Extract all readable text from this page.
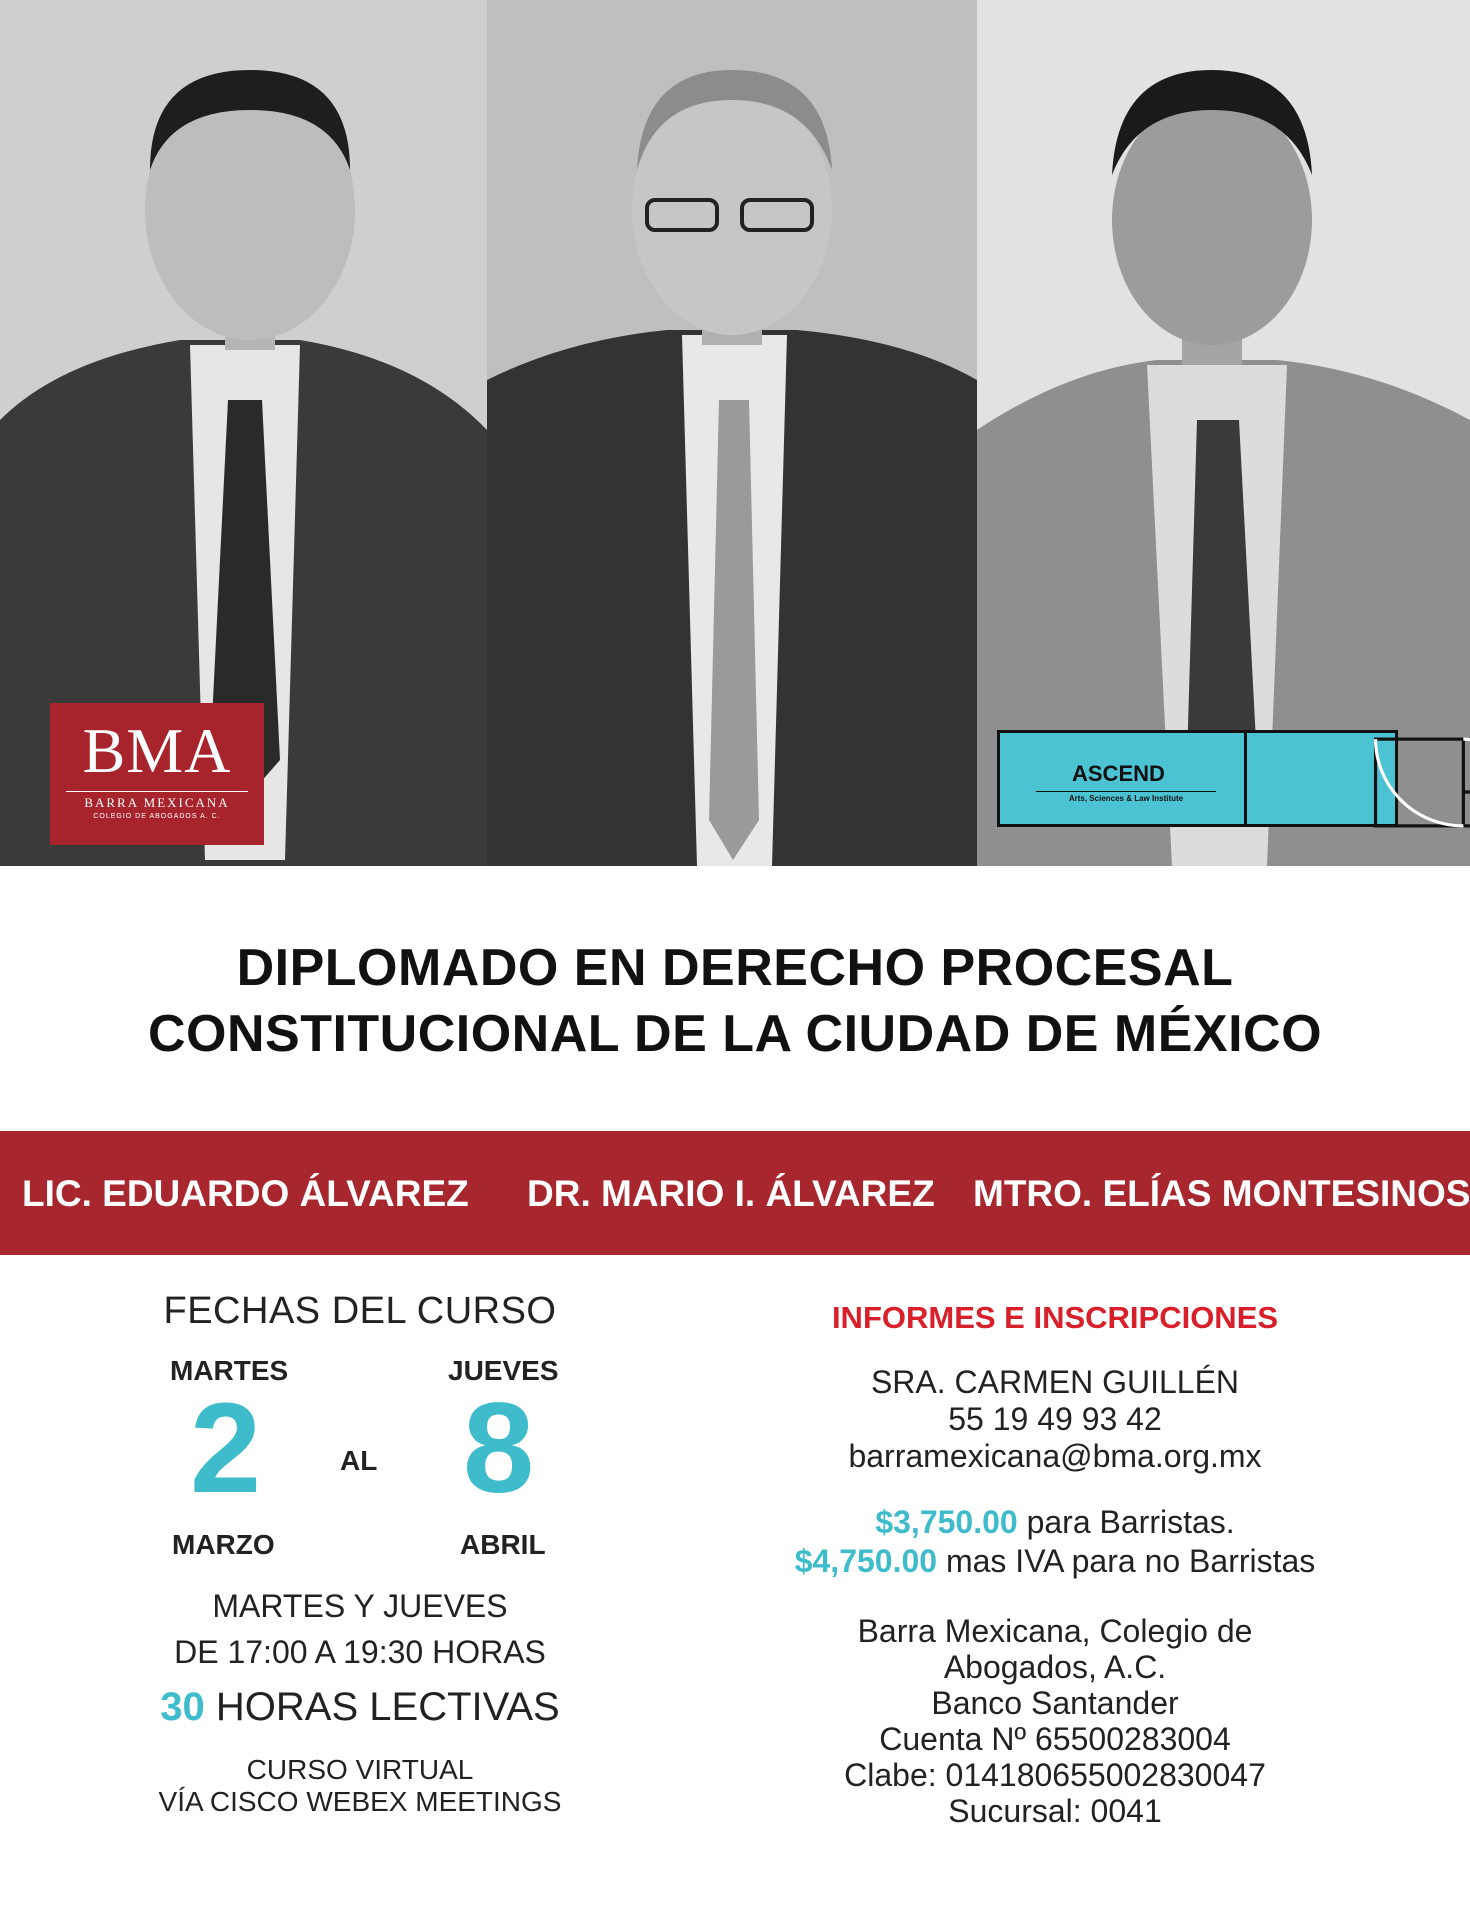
BMA
BARRA MEXICANA
COLEGIO DE ABOGADOS A. C.
ASCEND
Arts, Sciences & Law Institute
DIPLOMADO EN DERECHO PROCESAL
CONSTITUCIONAL DE LA CIUDAD DE MÉXICO
LIC. EDUARDO ÁLVAREZ DR. MARIO I. ÁLVAREZ MTRO. ELÍAS MONTESINOS
FECHAS DEL CURSO
MARTES
2
MARZO
AL
JUEVES
8
ABRIL
MARTES Y JUEVES
DE 17:00 A 19:30 HORAS
30 HORAS LECTIVAS
CURSO VIRTUAL
VÍA CISCO WEBEX MEETINGS
INFORMES E INSCRIPCIONES
SRA. CARMEN GUILLÉN
55 19 49 93 42
barramexicana@bma.org.mx
$3,750.00 para Barristas.
$4,750.00 mas IVA para no Barristas
Barra Mexicana, Colegio de
Abogados, A.C.
Banco Santander
Cuenta Nº 65500283004
Clabe: 014180655002830047
Sucursal: 0041
